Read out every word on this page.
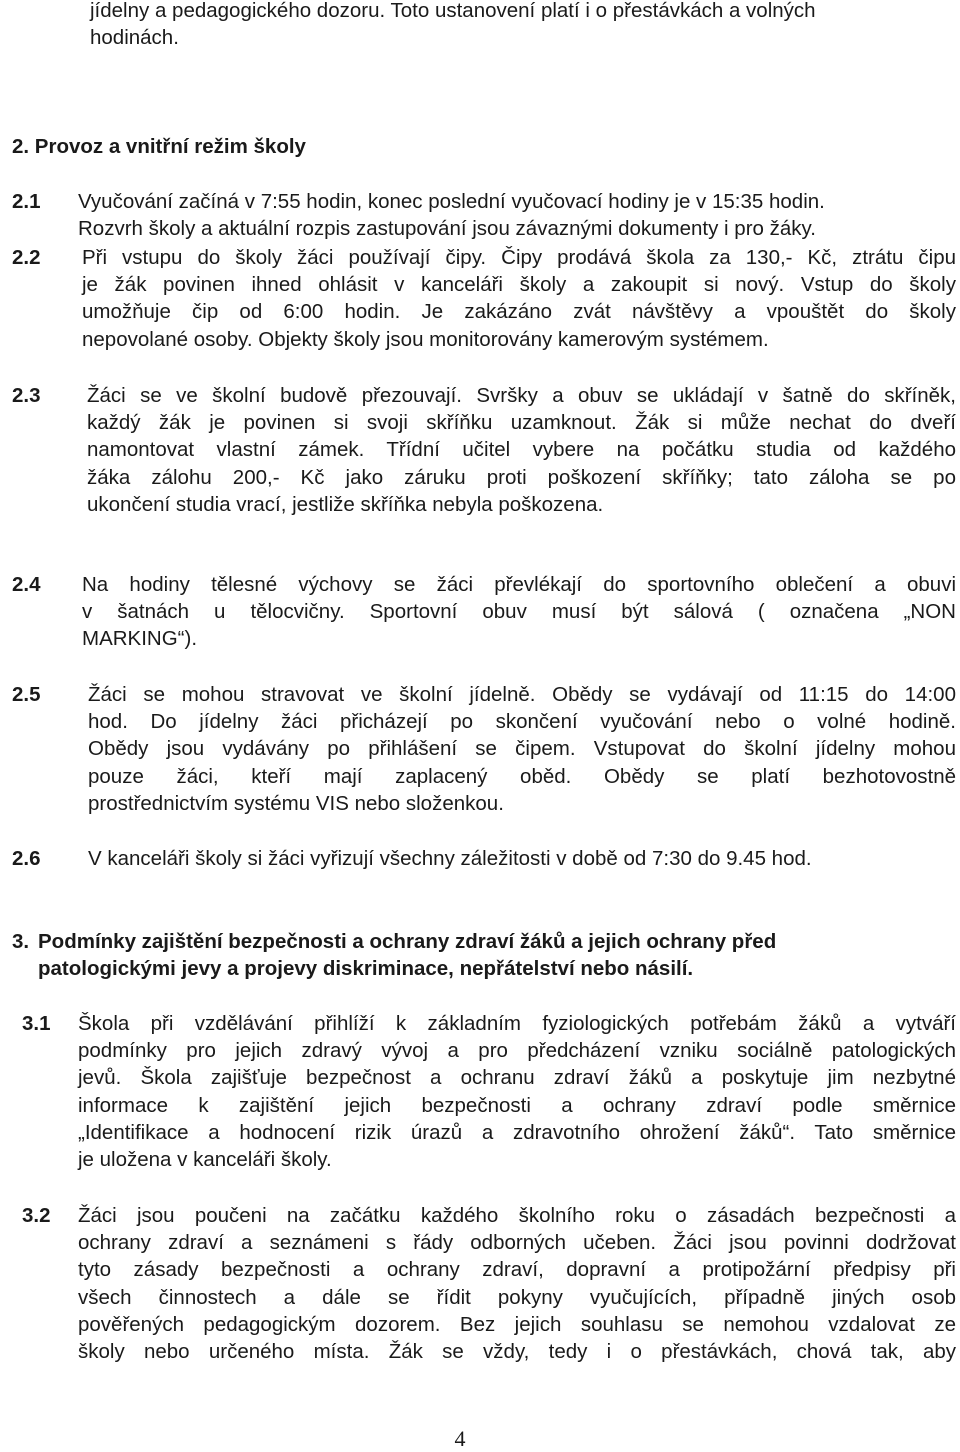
jídelny a pedagogického dozoru. Toto ustanovení platí i o přestávkách a volných
hodinách.
2. Provoz a vnitřní režim školy
2.1 Vyučování začíná v 7:55 hodin, konec poslední vyučovací hodiny je v 15:35 hodin.
Rozvrh školy a aktuální rozpis zastupování jsou závaznými dokumenty i pro žáky.
2.2 Při vstupu do školy žáci používají čipy. Čipy prodává škola za 130,- Kč, ztrátu čipu
je žák povinen ihned ohlásit v kanceláři školy a zakoupit si nový. Vstup do školy
umožňuje čip od 6:00 hodin. Je zakázáno zvát návštěvy a vpouštět do školy
nepovolané osoby. Objekty školy jsou monitorovány kamerovým systémem.
2.3 Žáci se ve školní budově přezouvají. Svršky a obuv se ukládají v šatně do skříněk,
každý žák je povinen si svoji skříňku uzamknout. Žák si může nechat do dveří
namontovat vlastní zámek. Třídní učitel vybere na počátku studia od každého
žáka zálohu 200,- Kč jako záruku proti poškození skříňky; tato záloha se po
ukončení studia vrací, jestliže skříňka nebyla poškozena.
2.4 Na hodiny tělesné výchovy se žáci převlékají do sportovního oblečení a obuvi
v šatnách u tělocvičny. Sportovní obuv musí být sálová ( označena „NON
MARKING“).
2.5 Žáci se mohou stravovat ve školní jídelně. Obědy se vydávají od 11:15 do 14:00
hod. Do jídelny žáci přicházejí po skončení vyučování nebo o volné hodině.
Obědy jsou vydávány po přihlášení se čipem. Vstupovat do školní jídelny mohou
pouze žáci, kteří mají zaplacený oběd. Obědy se platí bezhotovostně
prostřednictvím systému VIS nebo složenkou.
2.6 V kanceláři školy si žáci vyřizují všechny záležitosti v době od 7:30 do 9.45 hod.
3. Podmínky zajištění bezpečnosti a ochrany zdraví žáků a jejich ochrany před
patologickými jevy a projevy diskriminace, nepřátelství nebo násilí.
3.1 Škola při vzdělávání přihlíží k základním fyziologických potřebám žáků a vytváří
podmínky pro jejich zdravý vývoj a pro předcházení vzniku sociálně patologických
jevů. Škola zajišťuje bezpečnost a ochranu zdraví žáků a poskytuje jim nezbytné
informace k zajištění jejich bezpečnosti a ochrany zdraví podle směrnice
„Identifikace a hodnocení rizik úrazů a zdravotního ohrožení žáků“. Tato směrnice
je uložena v kanceláři školy.
3.2 Žáci jsou poučeni na začátku každého školního roku o zásadách bezpečnosti a
ochrany zdraví a seznámeni s řády odborných učeben. Žáci jsou povinni dodržovat
tyto zásady bezpečnosti a ochrany zdraví, dopravní a protipožární předpisy při
všech činnostech a dále se řídit pokyny vyučujících, případně jiných osob
pověřených pedagogickým dozorem. Bez jejich souhlasu se nemohou vzdalovat ze
školy nebo určeného místa. Žák se vždy, tedy i o přestávkách, chová tak, aby
4
